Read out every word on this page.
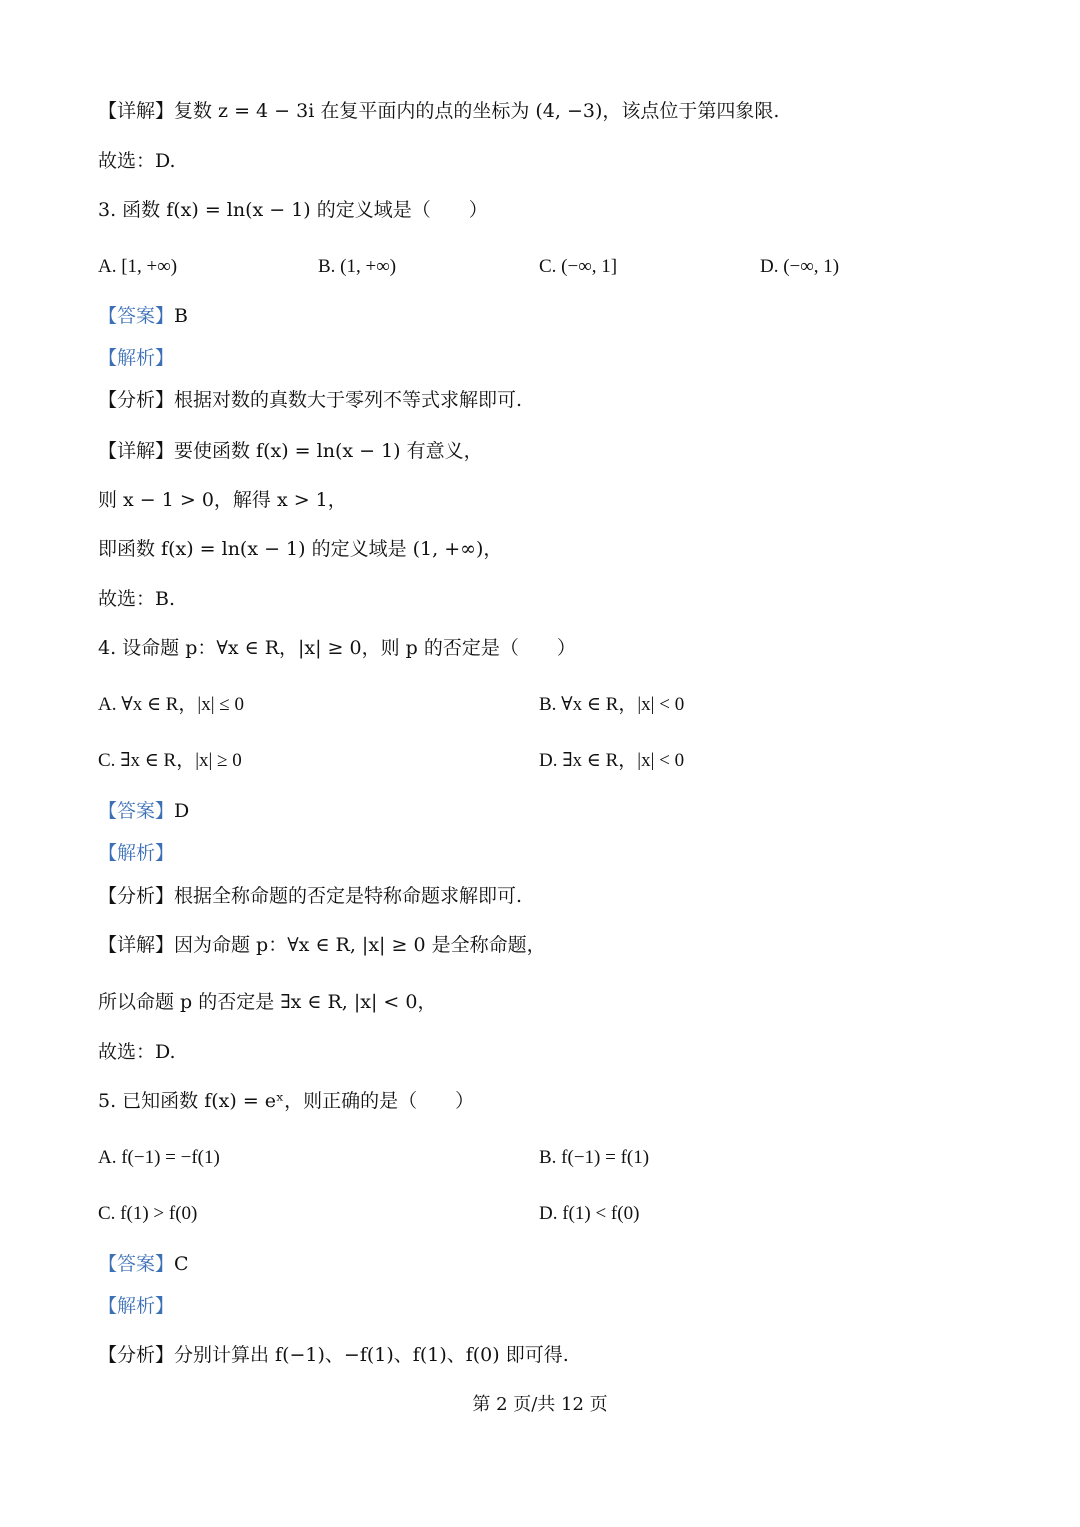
【详解】复数 z = 4 − 3i 在复平面内的点的坐标为 (4, −3)，该点位于第四象限.
故选：D.
3. 函数 f(x) = ln(x − 1) 的定义域是（　　）
A. [1, +∞)	B. (1, +∞)	C. (−∞, 1]	D. (−∞, 1)
【答案】B
【解析】
【分析】根据对数的真数大于零列不等式求解即可.
【详解】要使函数 f(x) = ln(x − 1) 有意义，
则 x − 1 > 0，解得 x > 1，
即函数 f(x) = ln(x − 1) 的定义域是 (1, +∞)，
故选：B.
4. 设命题 p：∀x ∈ R，|x| ≥ 0，则 p 的否定是（　　）
A. ∀x ∈ R，|x| ≤ 0	B. ∀x ∈ R，|x| < 0
C. ∃x ∈ R，|x| ≥ 0	D. ∃x ∈ R，|x| < 0
【答案】D
【解析】
【分析】根据全称命题的否定是特称命题求解即可.
【详解】因为命题 p：∀x ∈ R, |x| ≥ 0 是全称命题，
所以命题 p 的否定是 ∃x ∈ R, |x| < 0，
故选：D.
5. 已知函数 f(x) = eˣ，则正确的是（　　）
A. f(−1) = −f(1)	B. f(−1) = f(1)
C. f(1) > f(0)	D. f(1) < f(0)
【答案】C
【解析】
【分析】分别计算出 f(−1)、−f(1)、f(1)、f(0) 即可得.
第 2 页/共 12 页
